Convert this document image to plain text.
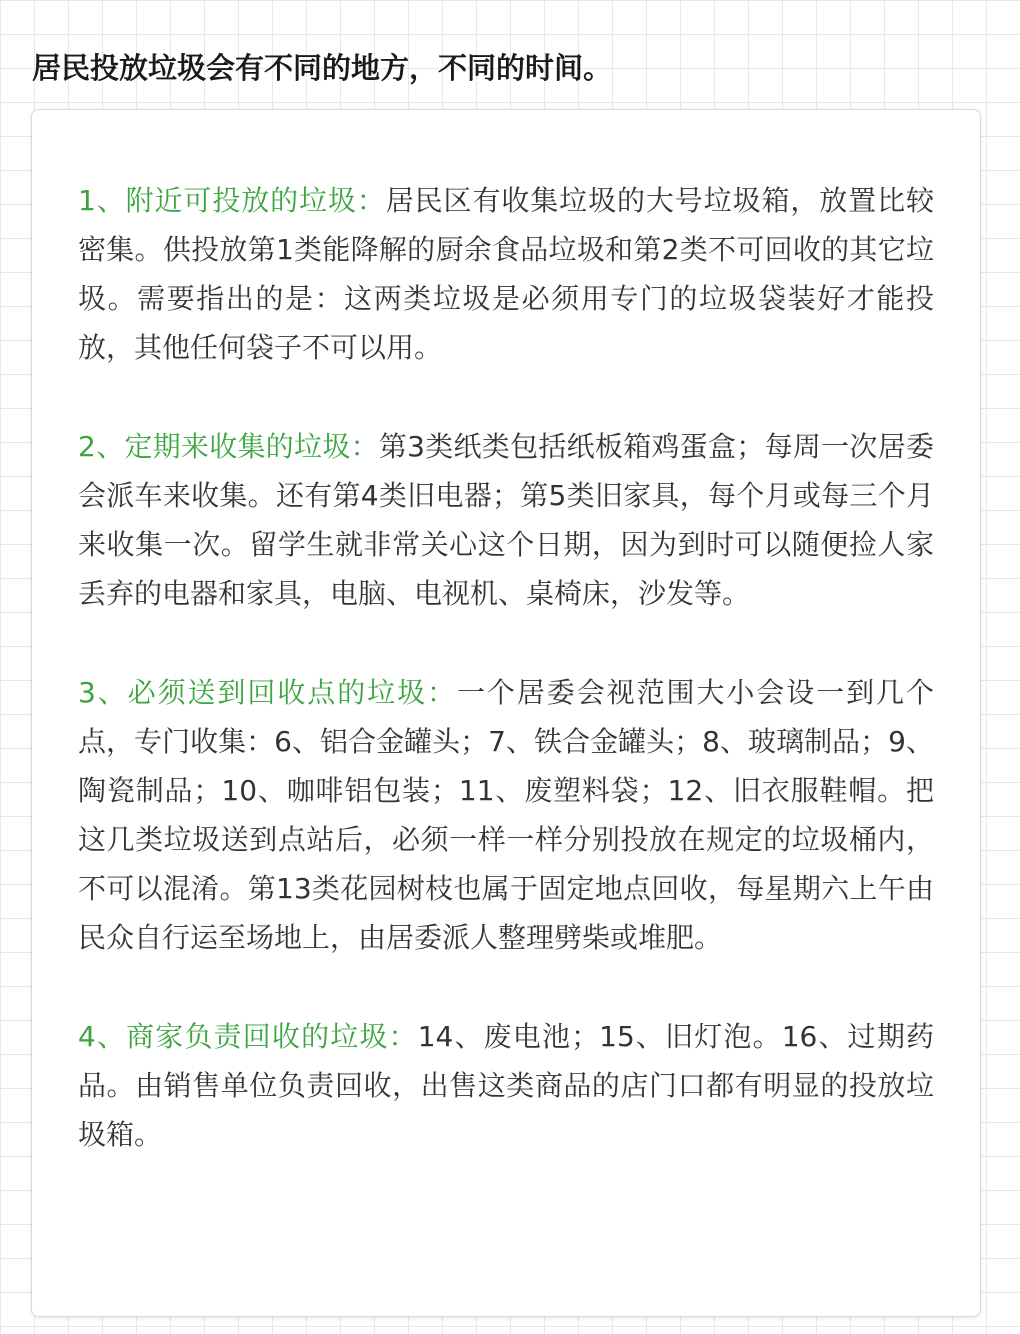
居民投放垃圾会有不同的地方，不同的时间。

1、附近可投放的垃圾：居民区有收集垃圾的大号垃圾箱，放置比较密集。供投放第1类能降解的厨余食品垃圾和第2类不可回收的其它垃圾。需要指出的是：这两类垃圾是必须用专门的垃圾袋装好才能投放，其他任何袋子不可以用。

2、定期来收集的垃圾：第3类纸类包括纸板箱鸡蛋盒；每周一次居委会派车来收集。还有第4类旧电器；第5类旧家具，每个月或每三个月来收集一次。留学生就非常关心这个日期，因为到时可以随便捡人家丢弃的电器和家具，电脑、电视机、桌椅床，沙发等。

3、必须送到回收点的垃圾：一个居委会视范围大小会设一到几个点，专门收集：6、铝合金罐头；7、铁合金罐头；8、玻璃制品；9、陶瓷制品；10、咖啡铝包装；11、废塑料袋；12、旧衣服鞋帽。把这几类垃圾送到点站后，必须一样一样分别投放在规定的垃圾桶内，不可以混淆。第13类花园树枝也属于固定地点回收，每星期六上午由民众自行运至场地上，由居委派人整理劈柴或堆肥。

4、商家负责回收的垃圾：14、废电池；15、旧灯泡。16、过期药品。由销售单位负责回收，出售这类商品的店门口都有明显的投放垃圾箱。
